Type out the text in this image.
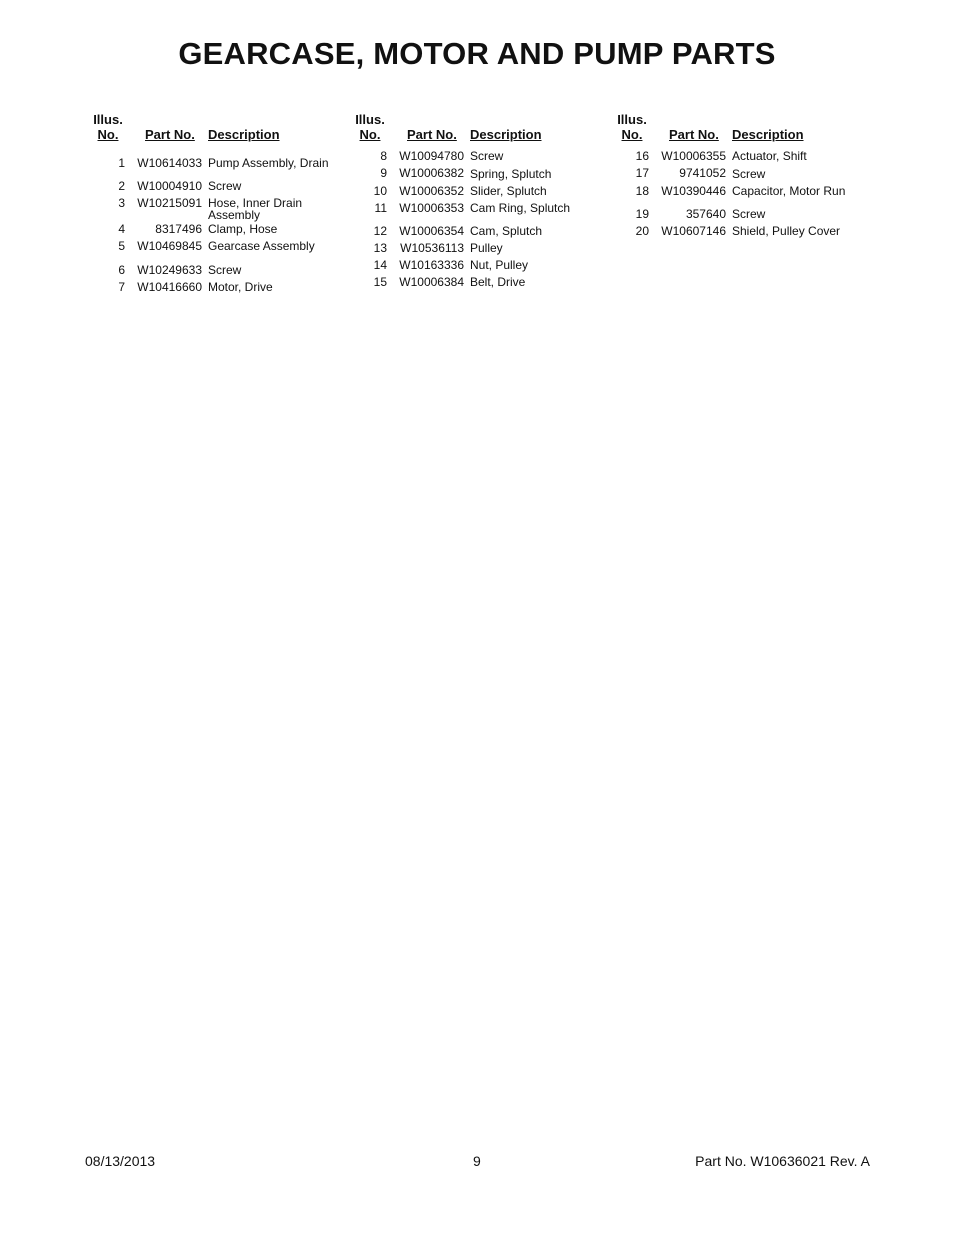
GEARCASE, MOTOR AND PUMP PARTS
Illus.
No.	Part No. Description
1	W10614033 Pump Assembly, Drain
2	W10004910 Screw
3	W10215091 Hose, Inner Drain
Assembly
4	8317496 Clamp, Hose
5	W10469845 Gearcase Assembly
6	W10249633 Screw
7	W10416660 Motor, Drive
Illus.
No.	Part No. Description
8	W10094780 Screw
9	W10006382 Spring, Splutch
10	W10006352 Slider, Splutch
11	W10006353 Cam Ring, Splutch
12	W10006354 Cam, Splutch
13	W10536113 Pulley
14	W10163336 Nut, Pulley
15	W10006384 Belt, Drive
Illus.
No.	Part No. Description
16	W10006355 Actuator, Shift
17	9741052 Screw
18	W10390446 Capacitor, Motor Run
19	357640 Screw
20	W10607146 Shield, Pulley Cover
08/13/2013	9	Part No. W10636021 Rev. A
